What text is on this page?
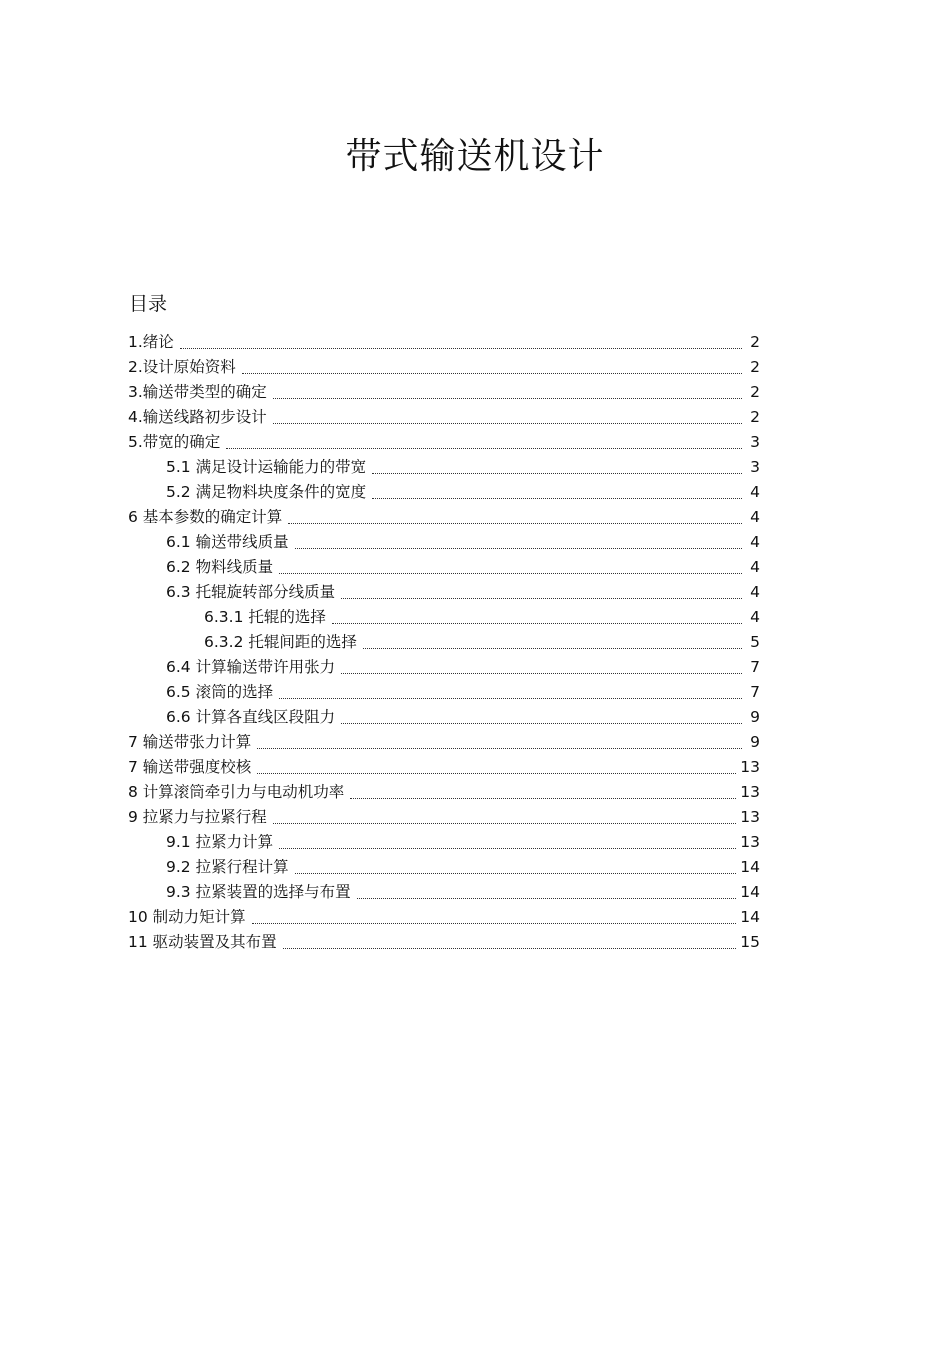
带式输送机设计
目录
1.绪论	2
2.设计原始资料	2
3.输送带类型的确定	2
4.输送线路初步设计	2
5.带宽的确定	3
5.1 满足设计运输能力的带宽	3
5.2 满足物料块度条件的宽度	4
6 基本参数的确定计算	4
6.1 输送带线质量	4
6.2 物料线质量	4
6.3 托辊旋转部分线质量	4
6.3.1 托辊的选择	4
6.3.2 托辊间距的选择	5
6.4 计算输送带许用张力	7
6.5 滚筒的选择	7
6.6 计算各直线区段阻力	9
7 输送带张力计算	9
7 输送带强度校核	13
8 计算滚筒牵引力与电动机功率	13
9 拉紧力与拉紧行程	13
9.1 拉紧力计算	13
9.2 拉紧行程计算	14
9.3 拉紧装置的选择与布置	14
10 制动力矩计算	14
11 驱动装置及其布置	15
